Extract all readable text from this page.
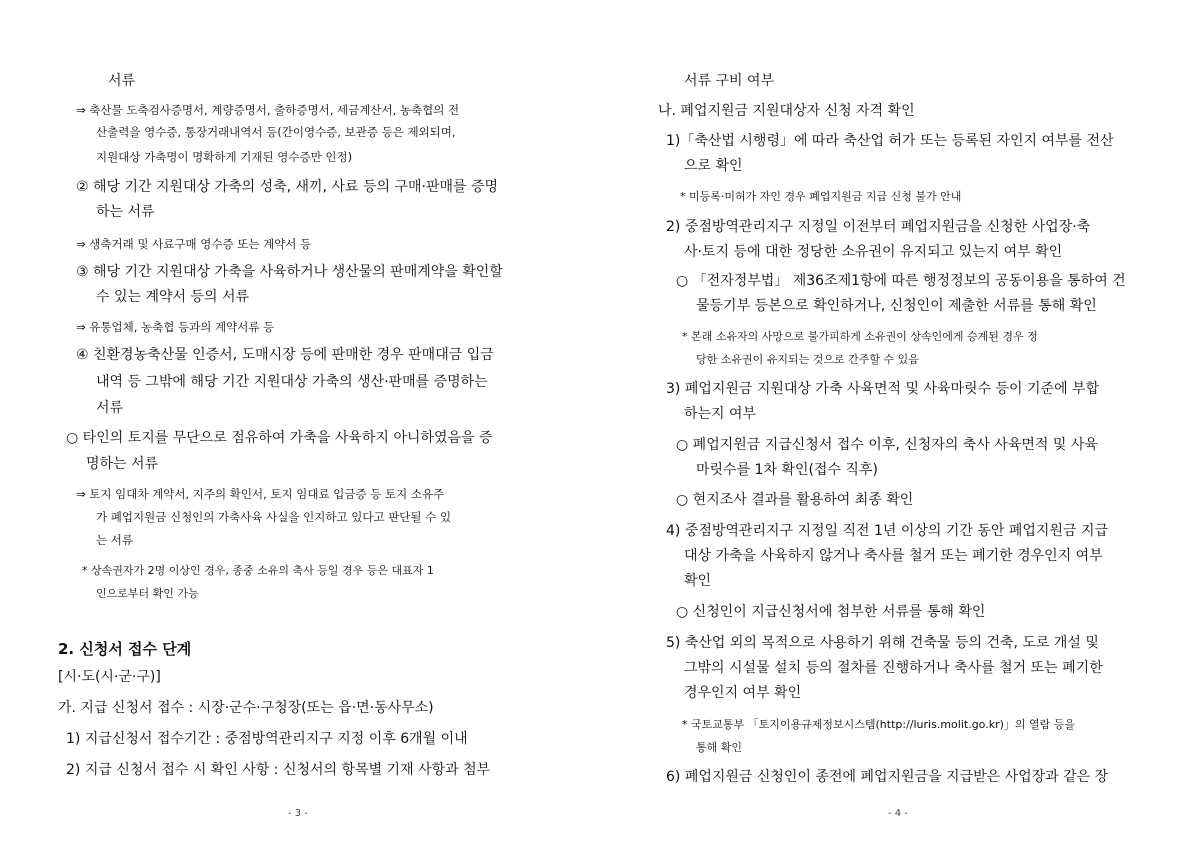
서류
⇒ 축산물 도축검사증명서, 계량증명서, 출하증명서, 세금계산서, 농축협의 전
산출력을 영수증, 통장거래내역서 등(간이영수증, 보관증 등은 제외되며,
지원대상 가축명이 명확하게 기재된 영수증만 인정)
② 해당 기간 지원대상 가축의 성축, 새끼, 사료 등의 구매·판매를 증명
하는 서류
⇒ 생축거래 및 사료구매 영수증 또는 계약서 등
③ 해당 기간 지원대상 가축을 사육하거나 생산물의 판매계약을 확인할
수 있는 계약서 등의 서류
⇒ 유통업체, 농축협 등과의 계약서류 등
④ 친환경농축산물 인증서, 도매시장 등에 판매한 경우 판매대금 입금
내역 등 그밖에 해당 기간 지원대상 가축의 생산·판매를 증명하는
서류
○ 타인의 토지를 무단으로 점유하여 가축을 사육하지 아니하였음을 증
명하는 서류
⇒ 토지 임대차 계약서, 지주의 확인서, 토지 임대료 입금증 등 토지 소유주
가 폐업지원금 신청인의 가축사육 사실을 인지하고 있다고 판단될 수 있
는 서류
* 상속권자가 2명 이상인 경우, 종중 소유의 축사 등일 경우 등은 대표자 1
인으로부터 확인 가능
2. 신청서 접수 단계
[시·도(시·군·구)]
가. 지급 신청서 접수 : 시장·군수·구청장(또는 읍·면·동사무소)
1) 지급신청서 접수기간 : 중점방역관리지구 지정 이후 6개월 이내
2) 지급 신청서 접수 시 확인 사항 : 신청서의 항목별 기재 사항과 첨부
- 3 -
서류 구비 여부
나. 폐업지원금 지원대상자 신청 자격 확인
1)「축산법 시행령」에 따라 축산업 허가 또는 등록된 자인지 여부를 전산
으로 확인
* 미등록·미허가 자인 경우 폐업지원금 지급 신청 불가 안내
2) 중점방역관리지구 지정일 이전부터 폐업지원금을 신청한 사업장·축
사·토지 등에 대한 정당한 소유권이 유지되고 있는지 여부 확인
○ 「전자정부법」 제36조제1항에 따른 행정정보의 공동이용을 통하여 건
물등기부 등본으로 확인하거나, 신청인이 제출한 서류를 통해 확인
* 본래 소유자의 사망으로 불가피하게 소유권이 상속인에게 승계된 경우 정
당한 소유권이 유지되는 것으로 간주할 수 있음
3) 폐업지원금 지원대상 가축 사육면적 및 사육마릿수 등이 기준에 부합
하는지 여부
○ 폐업지원금 지급신청서 접수 이후, 신청자의 축사 사육면적 및 사육
마릿수를 1차 확인(접수 직후)
○ 현지조사 결과를 활용하여 최종 확인
4) 중점방역관리지구 지정일 직전 1년 이상의 기간 동안 폐업지원금 지급
대상 가축을 사육하지 않거나 축사를 철거 또는 폐기한 경우인지 여부
확인
○ 신청인이 지급신청서에 첨부한 서류를 통해 확인
5) 축산업 외의 목적으로 사용하기 위해 건축물 등의 건축, 도로 개설 및
그밖의 시설물 설치 등의 절차를 진행하거나 축사를 철거 또는 폐기한
경우인지 여부 확인
* 국토교통부 「토지이용규제정보시스템(http://luris.molit.go.kr)」의 열람 등을
통해 확인
6) 폐업지원금 신청인이 종전에 폐업지원금을 지급받은 사업장과 같은 장
- 4 -
